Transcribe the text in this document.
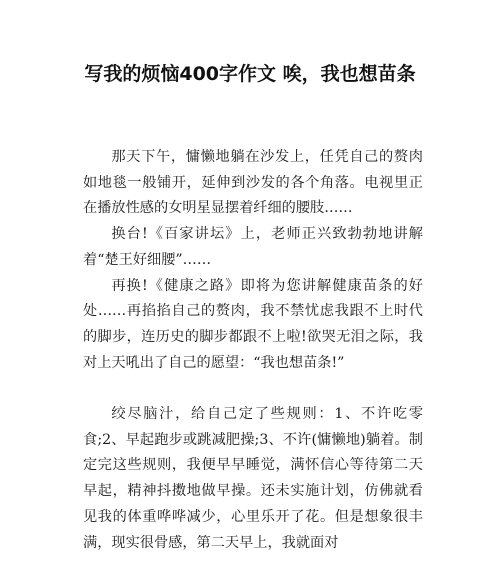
写我的烦恼400字作文 唉，我也想苗条

那天下午，慵懒地躺在沙发上，任凭自己的赘肉如地毯一般铺开，延伸到沙发的各个角落。电视里正在播放性感的女明星显摆着纤细的腰肢……

换台!《百家讲坛》上，老师正兴致勃勃地讲解着“楚王好细腰”……

再换!《健康之路》即将为您讲解健康苗条的好处……再掐掐自己的赘肉，我不禁忧虑我跟不上时代的脚步，连历史的脚步都跟不上啦!欲哭无泪之际，我对上天吼出了自己的愿望：“我也想苗条!”

绞尽脑汁，给自己定了些规则：1、不许吃零食;2、早起跑步或跳减肥操;3、不许(慵懒地)躺着。制定完这些规则，我便早早睡觉，满怀信心等待第二天早起，精神抖擞地做早操。还未实施计划，仿佛就看见我的体重哗哗减少，心里乐开了花。但是想象很丰满，现实很骨感，第二天早上，我就面对
